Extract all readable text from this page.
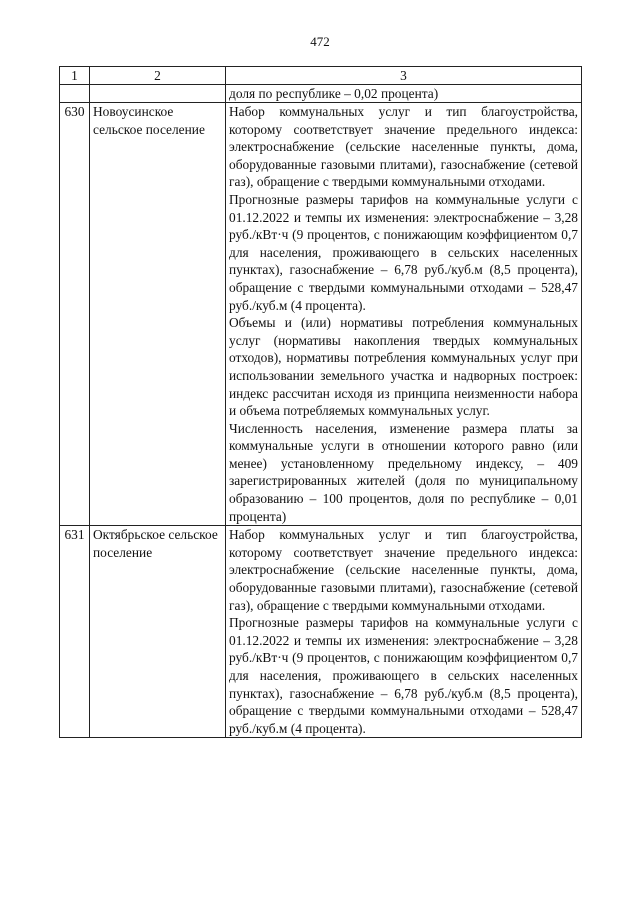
472
1	2	3
		доля по республике – 0,02 процента)
630	Новоусинское сельское поселение	Набор коммунальных услуг и тип благоустройства, которому соответствует значение предельного индекса: электроснабжение (сельские населенные пункты, дома, оборудованные газовыми плитами), газоснабжение (сетевой газ), обращение с твердыми коммунальными отходами.

Прогнозные размеры тарифов на коммунальные услуги с 01.12.2022 и темпы их изменения: электроснабжение – 3,28 руб./кВт·ч (9 процентов, с понижающим коэффициентом 0,7 для населения, проживающего в сельских населенных пунктах), газоснабжение – 6,78 руб./куб.м (8,5 процента), обращение с твердыми коммунальными отходами – 528,47 руб./куб.м (4 процента).

Объемы и (или) нормативы потребления коммунальных услуг (нормативы накопления твердых коммунальных отходов), нормативы потребления коммунальных услуг при использовании земельного участка и надворных построек: индекс рассчитан исходя из принципа неизменности набора и объема потребляемых коммунальных услуг.

Численность населения, изменение размера платы за коммунальные услуги в отношении которого равно (или менее) установленному предельному индексу, – 409 зарегистрированных жителей (доля по муниципальному образованию – 100 процентов, доля по республике – 0,01 процента)

631	Октябрьское сельское поселение	Набор коммунальных услуг и тип благоустройства, которому соответствует значение предельного индекса: электроснабжение (сельские населенные пункты, дома, оборудованные газовыми плитами), газоснабжение (сетевой газ), обращение с твердыми коммунальными отходами.

Прогнозные размеры тарифов на коммунальные услуги с 01.12.2022 и темпы их изменения: электроснабжение – 3,28 руб./кВт·ч (9 процентов, с понижающим коэффициентом 0,7 для населения, проживающего в сельских населенных пунктах), газоснабжение – 6,78 руб./куб.м (8,5 процента), обращение с твердыми коммунальными отходами – 528,47 руб./куб.м (4 процента).
